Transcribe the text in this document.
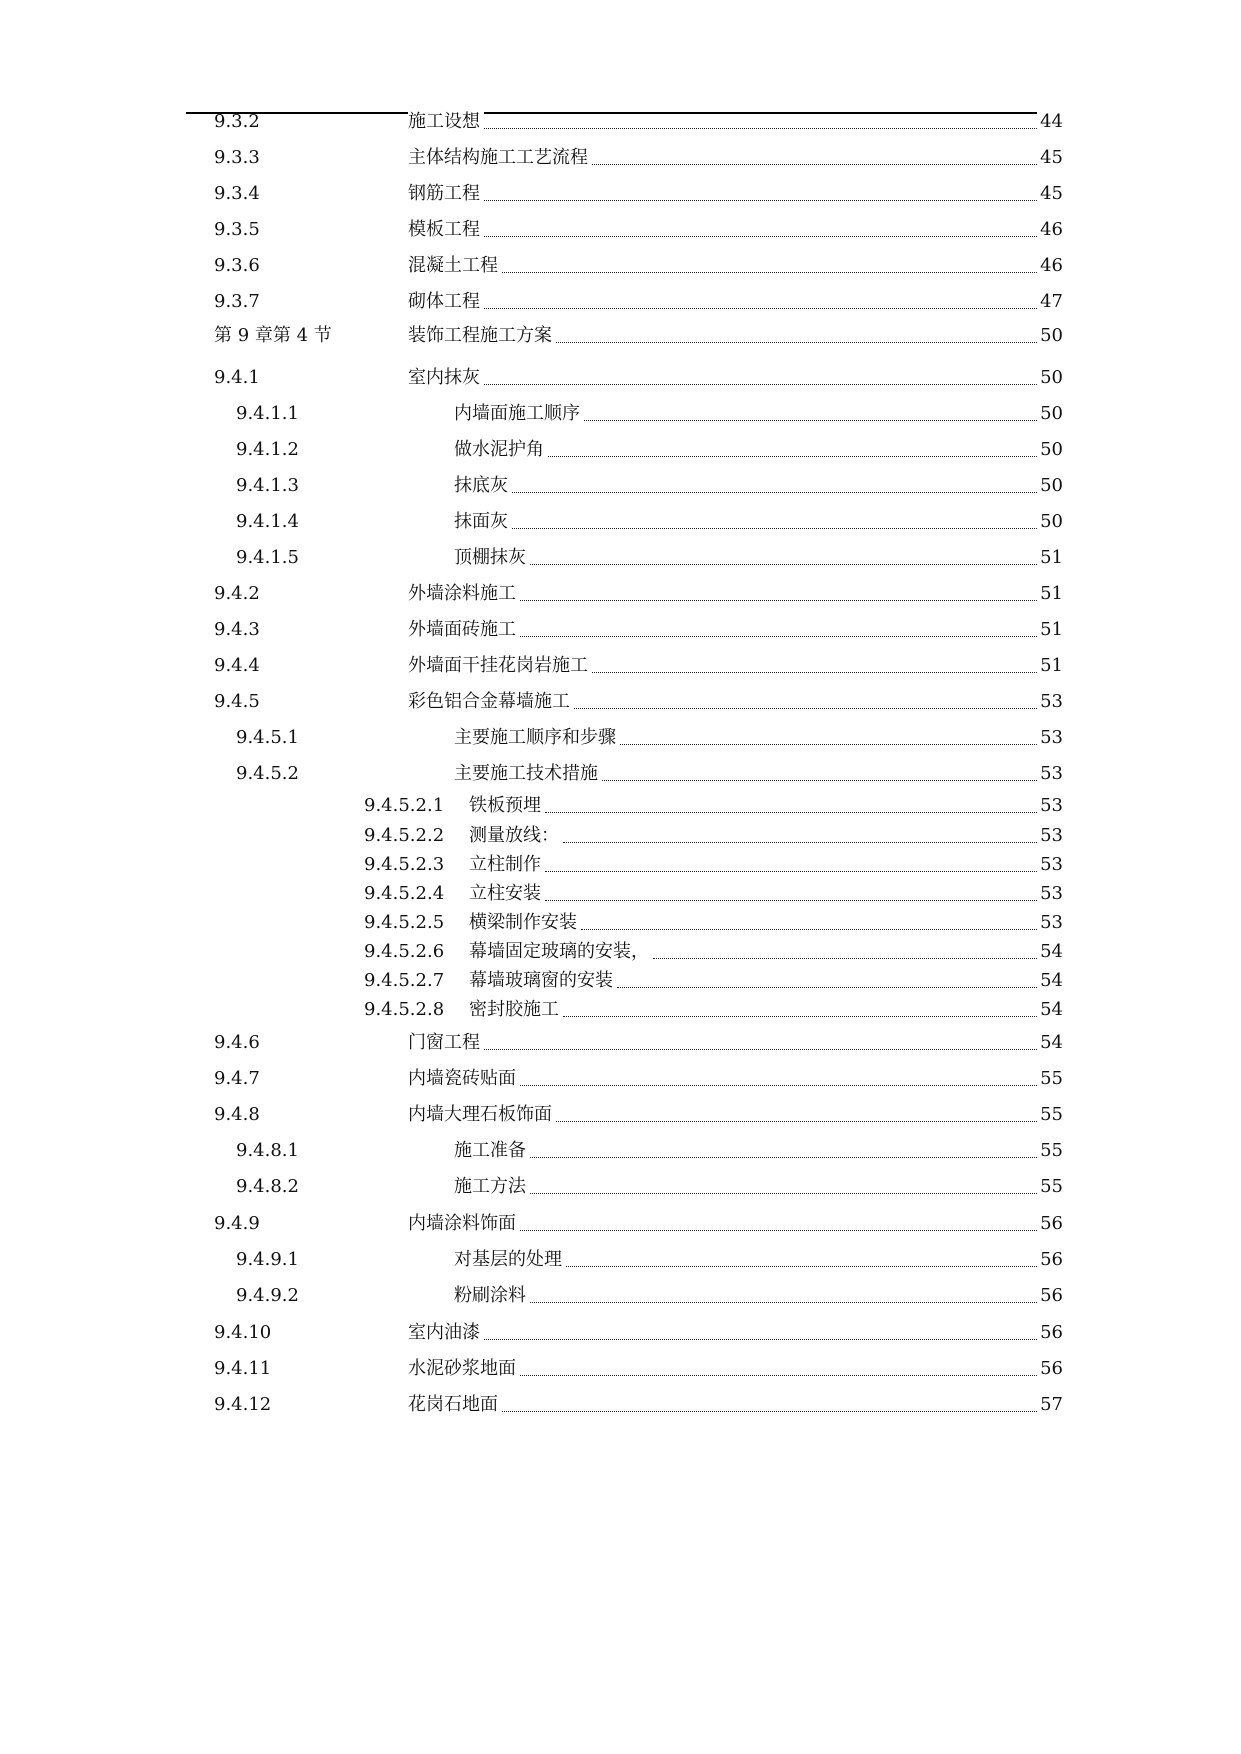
9.3.2	施工设想	44
9.3.3	主体结构施工工艺流程	45
9.3.4	钢筋工程	45
9.3.5	模板工程	46
9.3.6	混凝土工程	46
9.3.7	砌体工程	47
第 9 章第 4 节	装饰工程施工方案	50
9.4.1	室内抹灰	50
9.4.1.1	内墙面施工顺序	50
9.4.1.2	做水泥护角	50
9.4.1.3	抹底灰	50
9.4.1.4	抹面灰	50
9.4.1.5	顶棚抹灰	51
9.4.2	外墙涂料施工	51
9.4.3	外墙面砖施工	51
9.4.4	外墙面干挂花岗岩施工	51
9.4.5	彩色铝合金幕墙施工	53
9.4.5.1	主要施工顺序和步骤	53
9.4.5.2	主要施工技术措施	53
9.4.5.2.1 铁板预埋	53
9.4.5.2.2 测量放线：	53
9.4.5.2.3 立柱制作	53
9.4.5.2.4 立柱安装	53
9.4.5.2.5 横梁制作安装	53
9.4.5.2.6 幕墙固定玻璃的安装，	54
9.4.5.2.7 幕墙玻璃窗的安装	54
9.4.5.2.8 密封胶施工	54
9.4.6	门窗工程	54
9.4.7	内墙瓷砖贴面	55
9.4.8	内墙大理石板饰面	55
9.4.8.1	施工准备	55
9.4.8.2	施工方法	55
9.4.9	内墙涂料饰面	56
9.4.9.1	对基层的处理	56
9.4.9.2	粉刷涂料	56
9.4.10	室内油漆	56
9.4.11	水泥砂浆地面	56
9.4.12	花岗石地面	57
